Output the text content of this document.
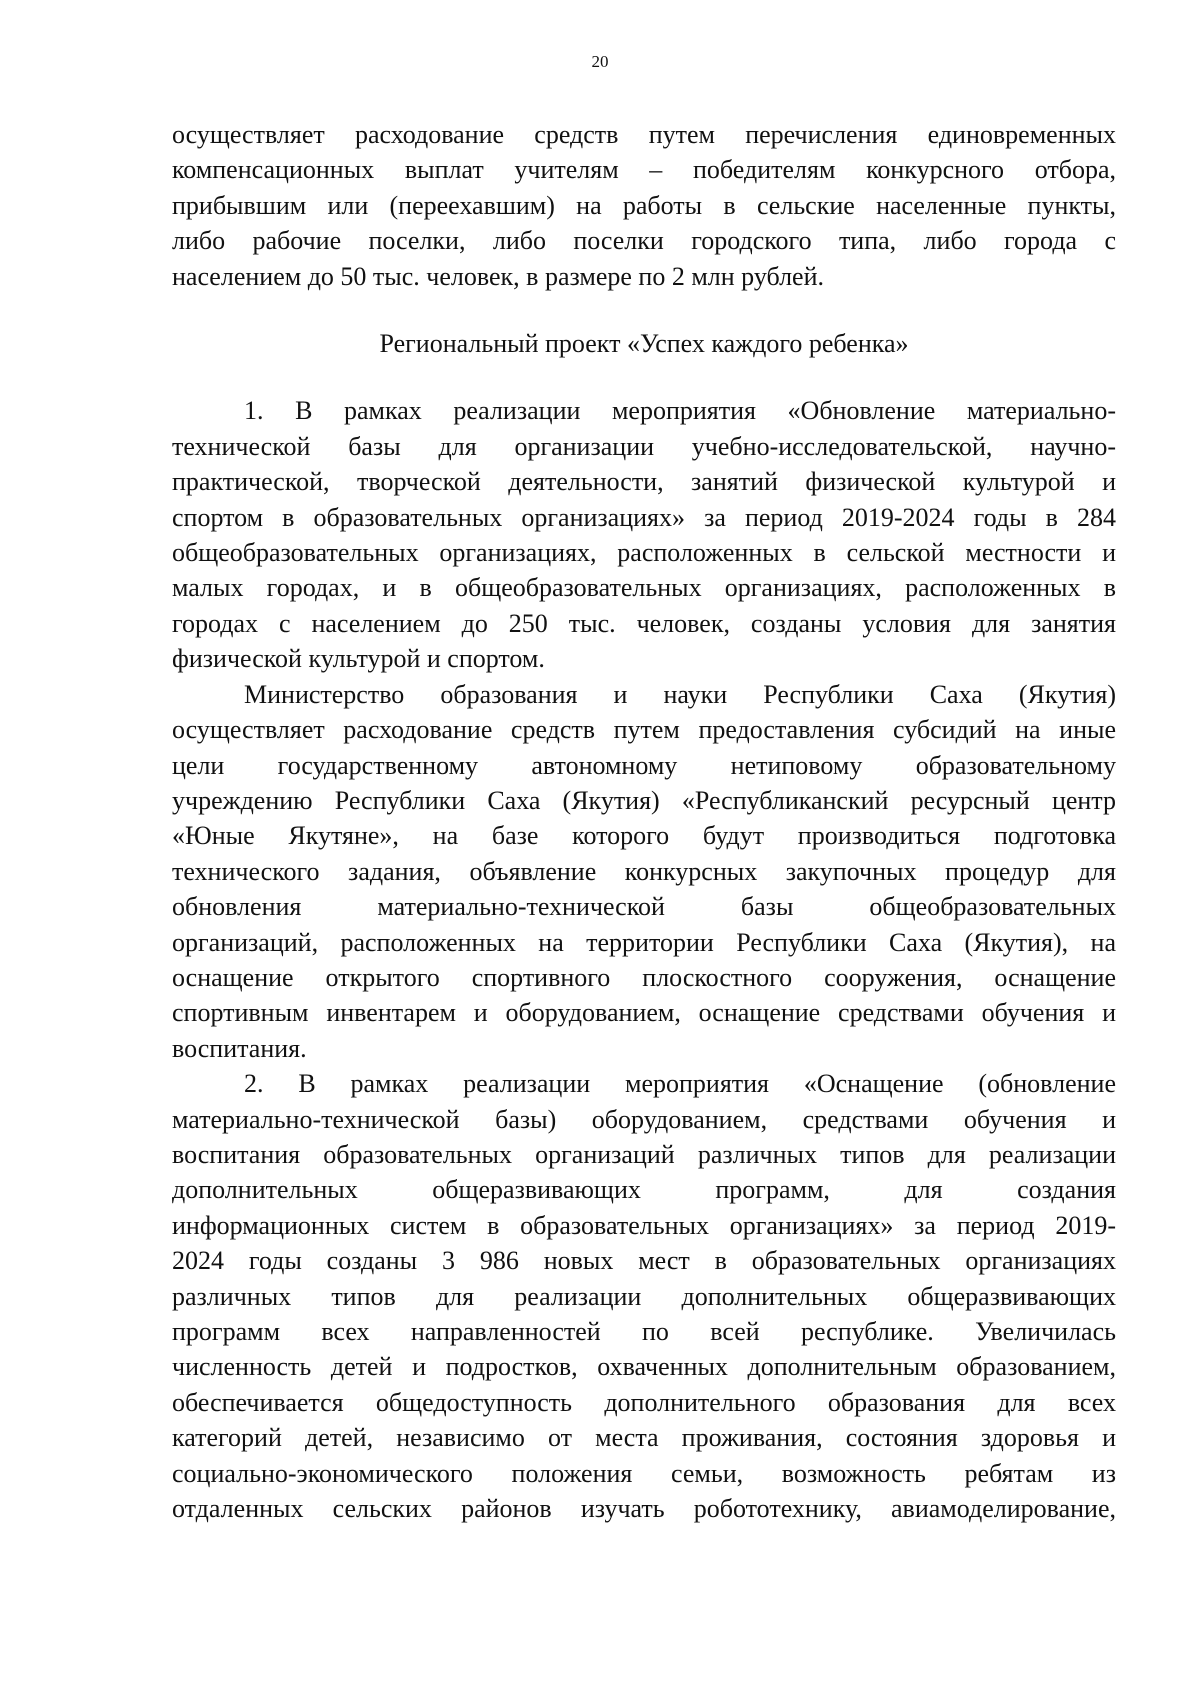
20
осуществляет расходование средств путем перечисления единовременных
компенсационных выплат учителям – победителям конкурсного отбора,
прибывшим или (переехавшим) на работы в сельские населенные пункты,
либо рабочие поселки, либо поселки городского типа, либо города с
населением до 50 тыс. человек, в размере по 2 млн рублей.
Региональный проект «Успех каждого ребенка»
1. В рамках реализации мероприятия «Обновление материально-
технической базы для организации учебно-исследовательской, научно-
практической, творческой деятельности, занятий физической культурой и
спортом в образовательных организациях» за период 2019-2024 годы в 284
общеобразовательных организациях, расположенных в сельской местности и
малых городах, и в общеобразовательных организациях, расположенных в
городах с населением до 250 тыс. человек, созданы условия для занятия
физической культурой и спортом.
Министерство образования и науки Республики Саха (Якутия)
осуществляет расходование средств путем предоставления субсидий на иные
цели государственному автономному нетиповому образовательному
учреждению Республики Саха (Якутия) «Республиканский ресурсный центр
«Юные Якутяне», на базе которого будут производиться подготовка
технического задания, объявление конкурсных закупочных процедур для
обновления материально-технической базы общеобразовательных
организаций, расположенных на территории Республики Саха (Якутия), на
оснащение открытого спортивного плоскостного сооружения, оснащение
спортивным инвентарем и оборудованием, оснащение средствами обучения и
воспитания.
2. В рамках реализации мероприятия «Оснащение (обновление
материально-технической базы) оборудованием, средствами обучения и
воспитания образовательных организаций различных типов для реализации
дополнительных общеразвивающих программ, для создания
информационных систем в образовательных организациях» за период 2019-
2024 годы созданы 3 986 новых мест в образовательных организациях
различных типов для реализации дополнительных общеразвивающих
программ всех направленностей по всей республике. Увеличилась
численность детей и подростков, охваченных дополнительным образованием,
обеспечивается общедоступность дополнительного образования для всех
категорий детей, независимо от места проживания, состояния здоровья и
социально-экономического положения семьи, возможность ребятам из
отдаленных сельских районов изучать робототехнику, авиамоделирование,
